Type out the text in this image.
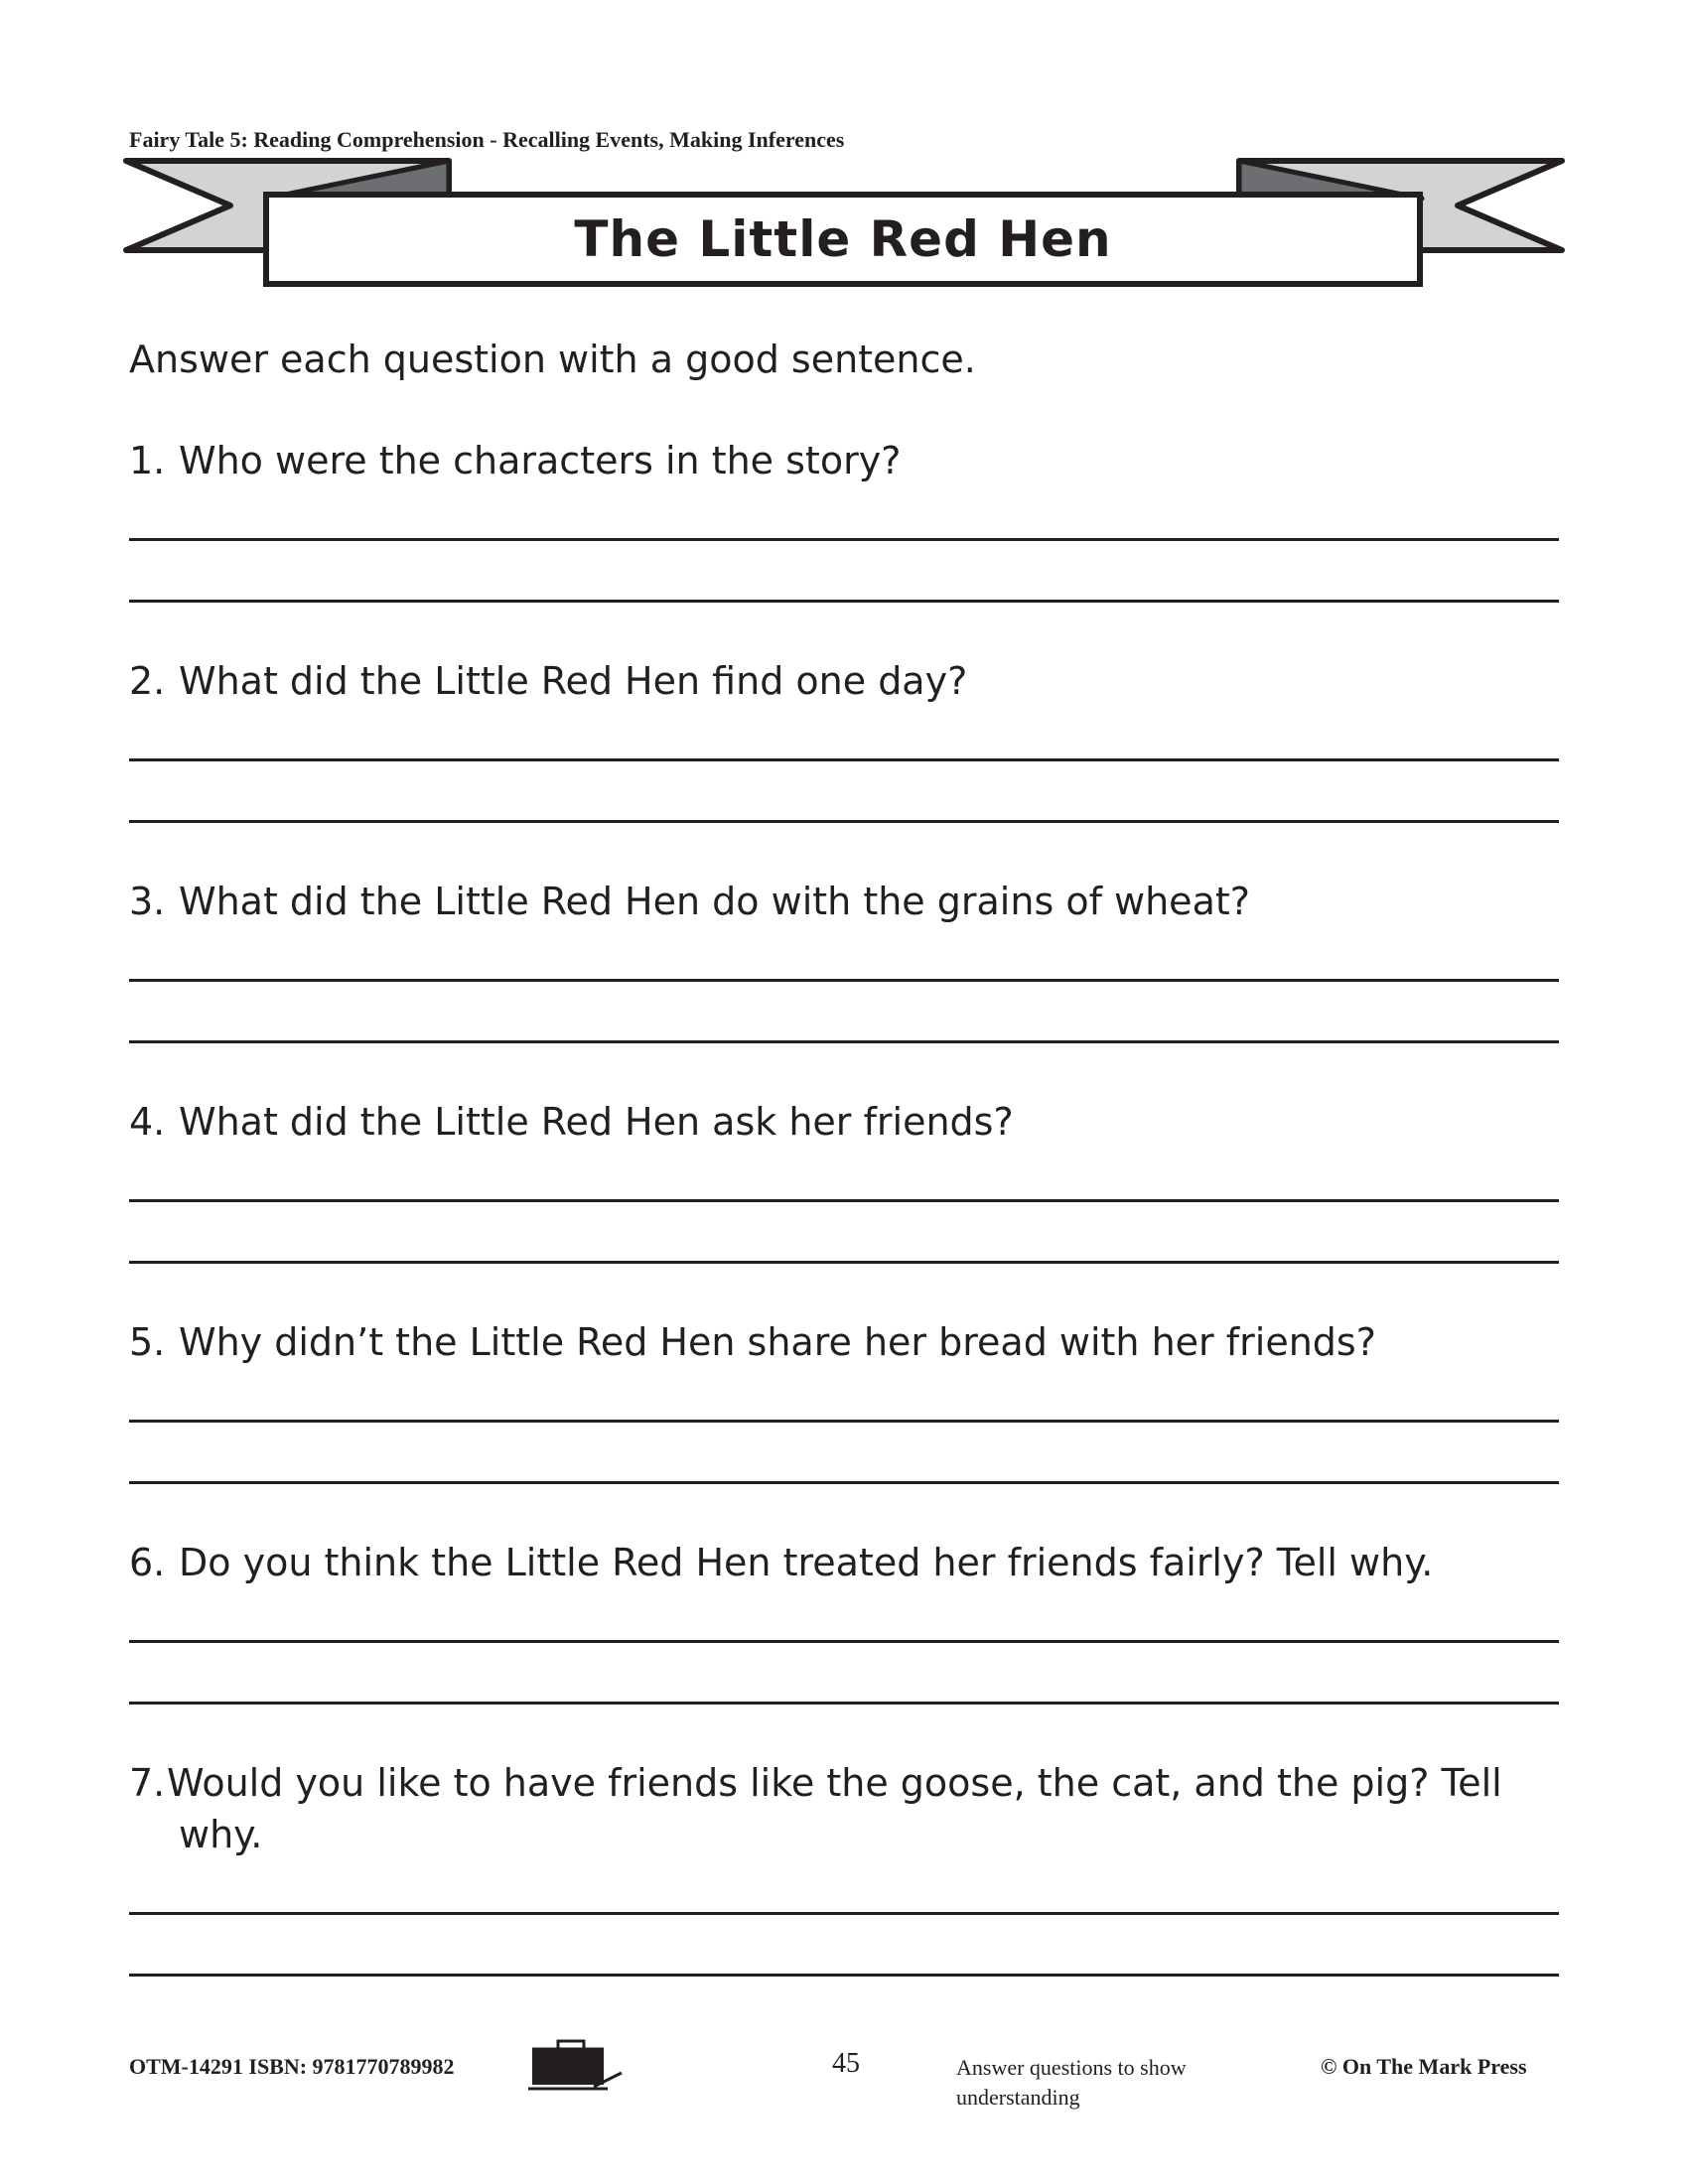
Fairy Tale 5: Reading Comprehension - Recalling Events, Making Inferences
The Little Red Hen
Answer each question with a good sentence.
1. Who were the characters in the story?
2. What did the Little Red Hen find one day?
3. What did the Little Red Hen do with the grains of wheat?
4. What did the Little Red Hen ask her friends?
5. Why didn’t the Little Red Hen share her bread with her friends?
6. Do you think the Little Red Hen treated her friends fairly? Tell why.
7.Would you like to have friends like the goose, the cat, and the pig? Tell
why.
OTM-14291 ISBN: 9781770789982	45	Answer questions to show
understanding
© On The Mark Press
